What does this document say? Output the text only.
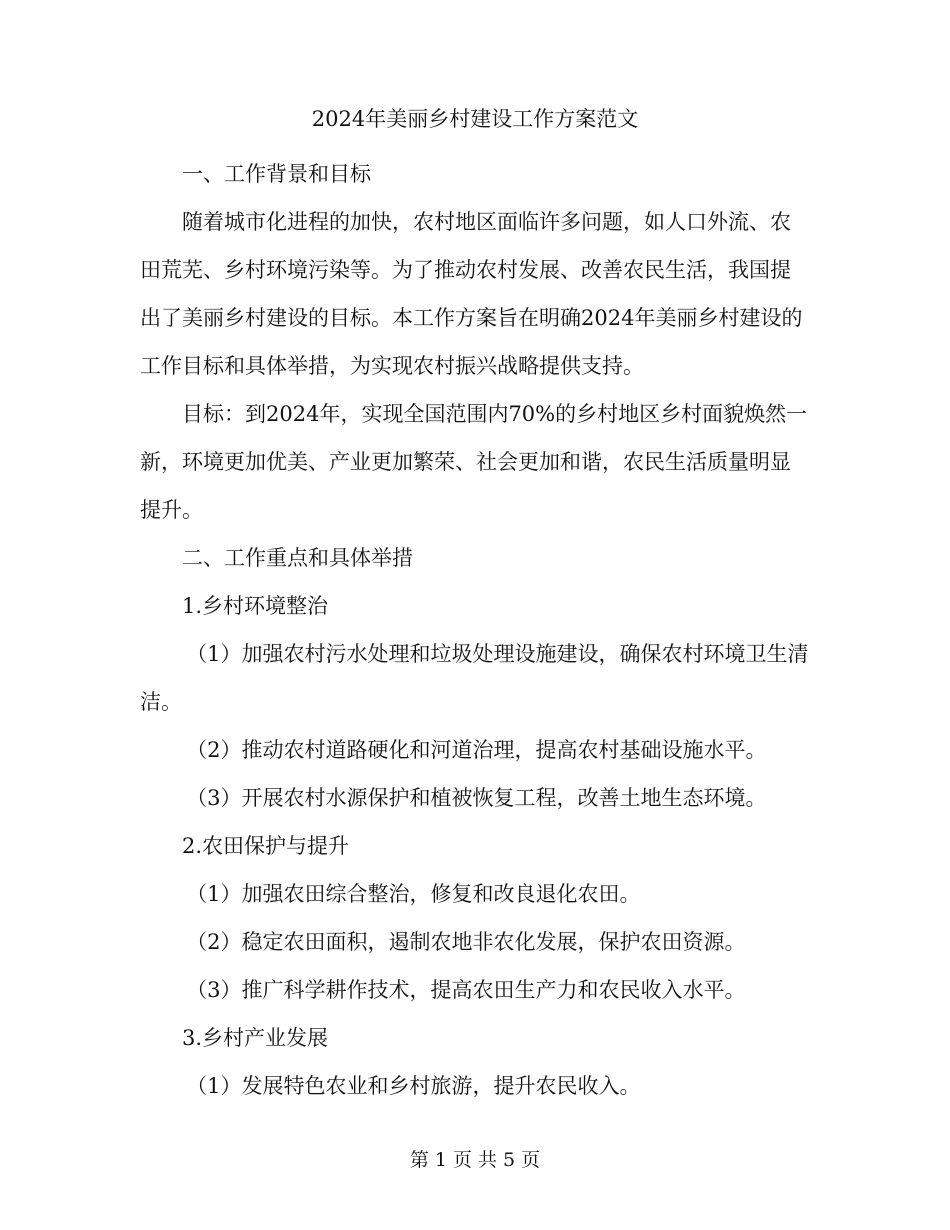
2024年美丽乡村建设工作方案范文

一、工作背景和目标

随着城市化进程的加快，农村地区面临许多问题，如人口外流、农田荒芜、乡村环境污染等。为了推动农村发展、改善农民生活，我国提出了美丽乡村建设的目标。本工作方案旨在明确2024年美丽乡村建设的工作目标和具体举措，为实现农村振兴战略提供支持。

目标：到2024年，实现全国范围内70%的乡村地区乡村面貌焕然一新，环境更加优美、产业更加繁荣、社会更加和谐，农民生活质量明显提升。

二、工作重点和具体举措

1.乡村环境整治

（1）加强农村污水处理和垃圾处理设施建设，确保农村环境卫生清洁。

（2）推动农村道路硬化和河道治理，提高农村基础设施水平。

（3）开展农村水源保护和植被恢复工程，改善土地生态环境。

2.农田保护与提升

（1）加强农田综合整治，修复和改良退化农田。

（2）稳定农田面积，遏制农地非农化发展，保护农田资源。

（3）推广科学耕作技术，提高农田生产力和农民收入水平。

3.乡村产业发展

（1）发展特色农业和乡村旅游，提升农民收入。

第 1 页 共 5 页
